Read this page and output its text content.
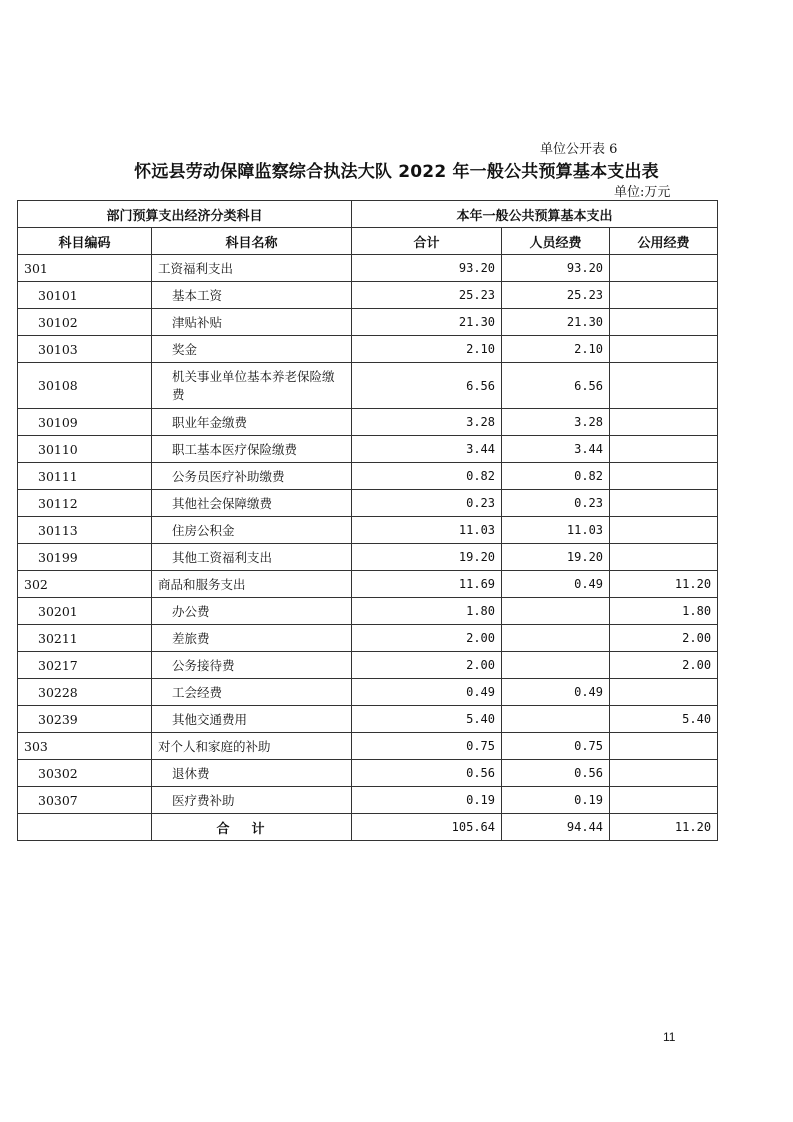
单位公开表 6
怀远县劳动保障监察综合执法大队 2022 年一般公共预算基本支出表
单位:万元
部门预算支出经济分类科目		本年一般公共预算基本支出		
科目编码	科目名称	合计	人员经费	公用经费
301	工资福利支出	93.20	93.20	
30101	基本工资	25.23	25.23	
30102	津贴补贴	21.30	21.30	
30103	奖金	2.10	2.10	
30108	机关事业单位基本养老保险缴费	6.56	6.56	
30109	职业年金缴费	3.28	3.28	
30110	职工基本医疗保险缴费	3.44	3.44	
30111	公务员医疗补助缴费	0.82	0.82	
30112	其他社会保障缴费	0.23	0.23	
30113	住房公积金	11.03	11.03	
30199	其他工资福利支出	19.20	19.20	
302	商品和服务支出	11.69	0.49	11.20
30201	办公费	1.80		1.80
30211	差旅费	2.00		2.00
30217	公务接待费	2.00		2.00
30228	工会经费	0.49	0.49	
30239	其他交通费用	5.40		5.40
303	对个人和家庭的补助	0.75	0.75	
30302	退休费	0.56	0.56	
30307	医疗费补助	0.19	0.19	
	合计	105.64	94.44	11.20
11
